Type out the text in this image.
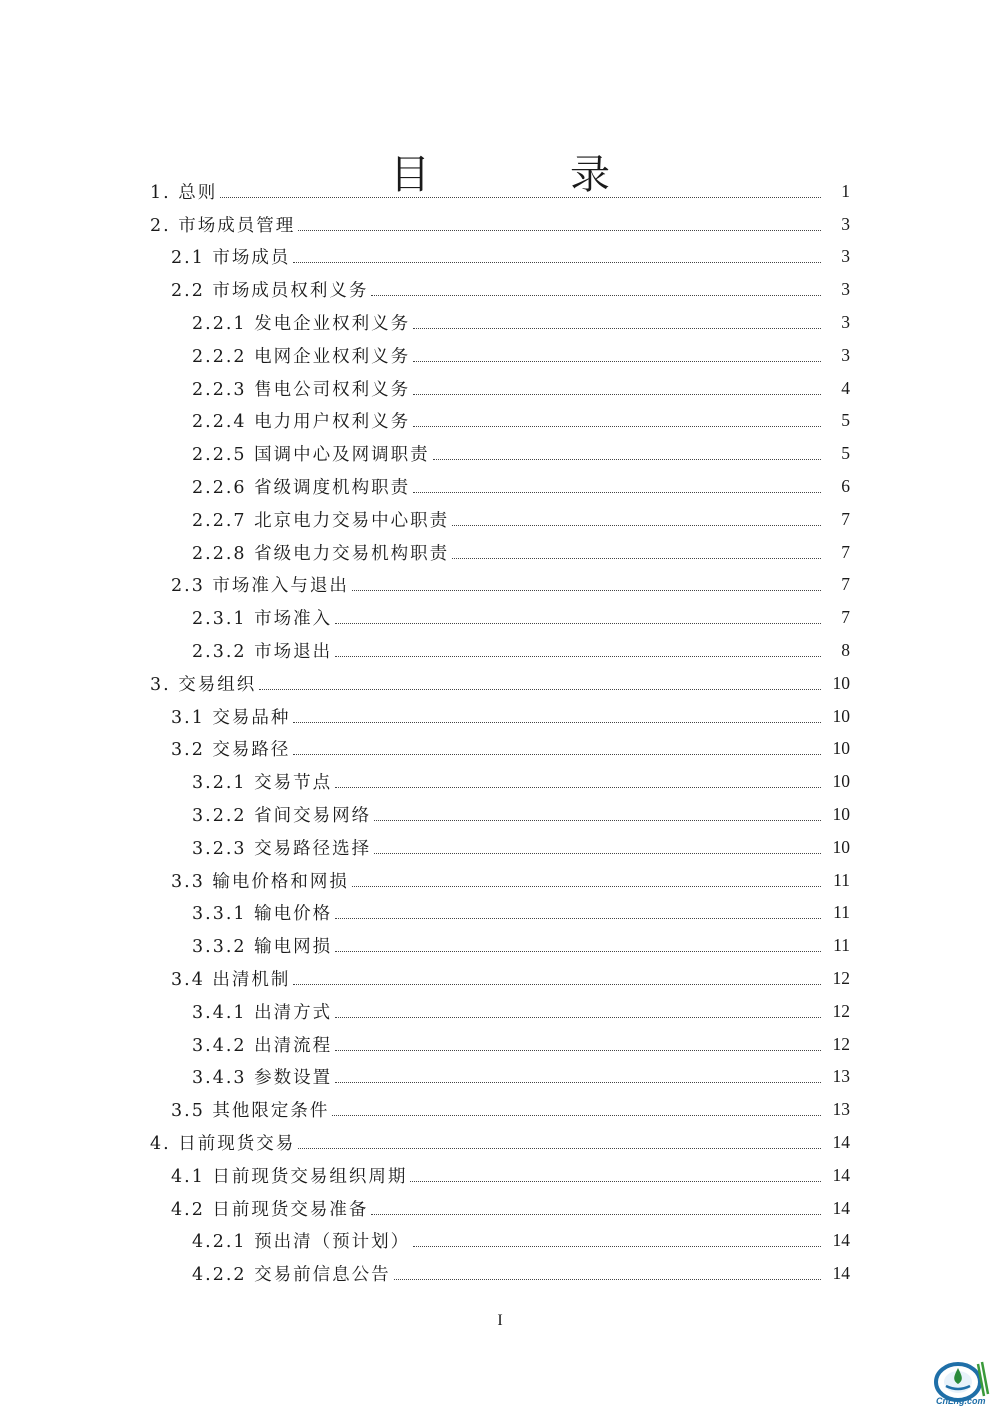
目　录
1. 总则	1
2. 市场成员管理	3
2.1 市场成员	3
2.2 市场成员权利义务	3
2.2.1 发电企业权利义务	3
2.2.2 电网企业权利义务	3
2.2.3 售电公司权利义务	4
2.2.4 电力用户权利义务	5
2.2.5 国调中心及网调职责	5
2.2.6 省级调度机构职责	6
2.2.7 北京电力交易中心职责	7
2.2.8 省级电力交易机构职责	7
2.3 市场准入与退出	7
2.3.1 市场准入	7
2.3.2 市场退出	8
3. 交易组织	10
3.1 交易品种	10
3.2 交易路径	10
3.2.1 交易节点	10
3.2.2 省间交易网络	10
3.2.3 交易路径选择	10
3.3 输电价格和网损	11
3.3.1 输电价格	11
3.3.2 输电网损	11
3.4 出清机制	12
3.4.1 出清方式	12
3.4.2 出清流程	12
3.4.3 参数设置	13
3.5 其他限定条件	13
4. 日前现货交易	14
4.1 日前现货交易组织周期	14
4.2 日前现货交易准备	14
4.2.1 预出清（预计划）	14
4.2.2 交易前信息公告	14
I
CnLng.com
